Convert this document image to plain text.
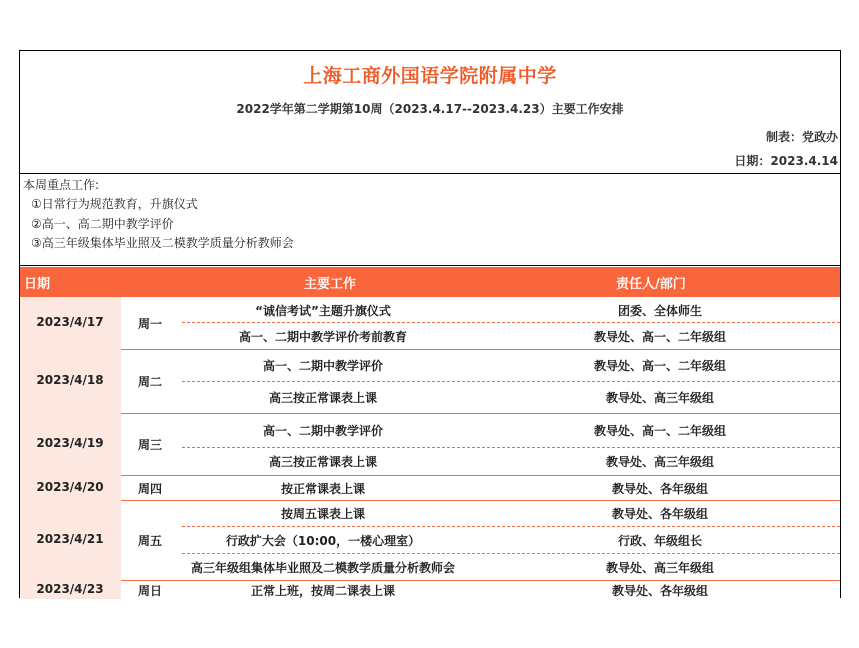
上海工商外国语学院附属中学
2022学年第二学期第10周（2023.4.17--2023.4.23）主要工作安排
制表：党政办
日期：2023.4.14
本周重点工作:
①日常行为规范教育，升旗仪式
②高一、高二期中教学评价
③高三年级集体毕业照及二模教学质量分析教师会
日期	主要工作	责任人/部门
2023/4/17	周一
“诚信考试”主题升旗仪式	团委、全体师生
高一、二期中教学评价考前教育	教导处、高一、二年级组
2023/4/18	周二
高一、二期中教学评价	教导处、高一、二年级组
高三按正常课表上课	教导处、高三年级组
2023/4/19	周三
高一、二期中教学评价	教导处、高一、二年级组
高三按正常课表上课	教导处、高三年级组
2023/4/20	周四	按正常课表上课	教导处、各年级组
2023/4/21	周五
按周五课表上课	教导处、各年级组
行政扩大会（10:00，一楼心理室）	行政、年级组长
高三年级组集体毕业照及二模教学质量分析教师会	教导处、高三年级组
2023/4/23	周日	正常上班，按周二课表上课	教导处、各年级组
